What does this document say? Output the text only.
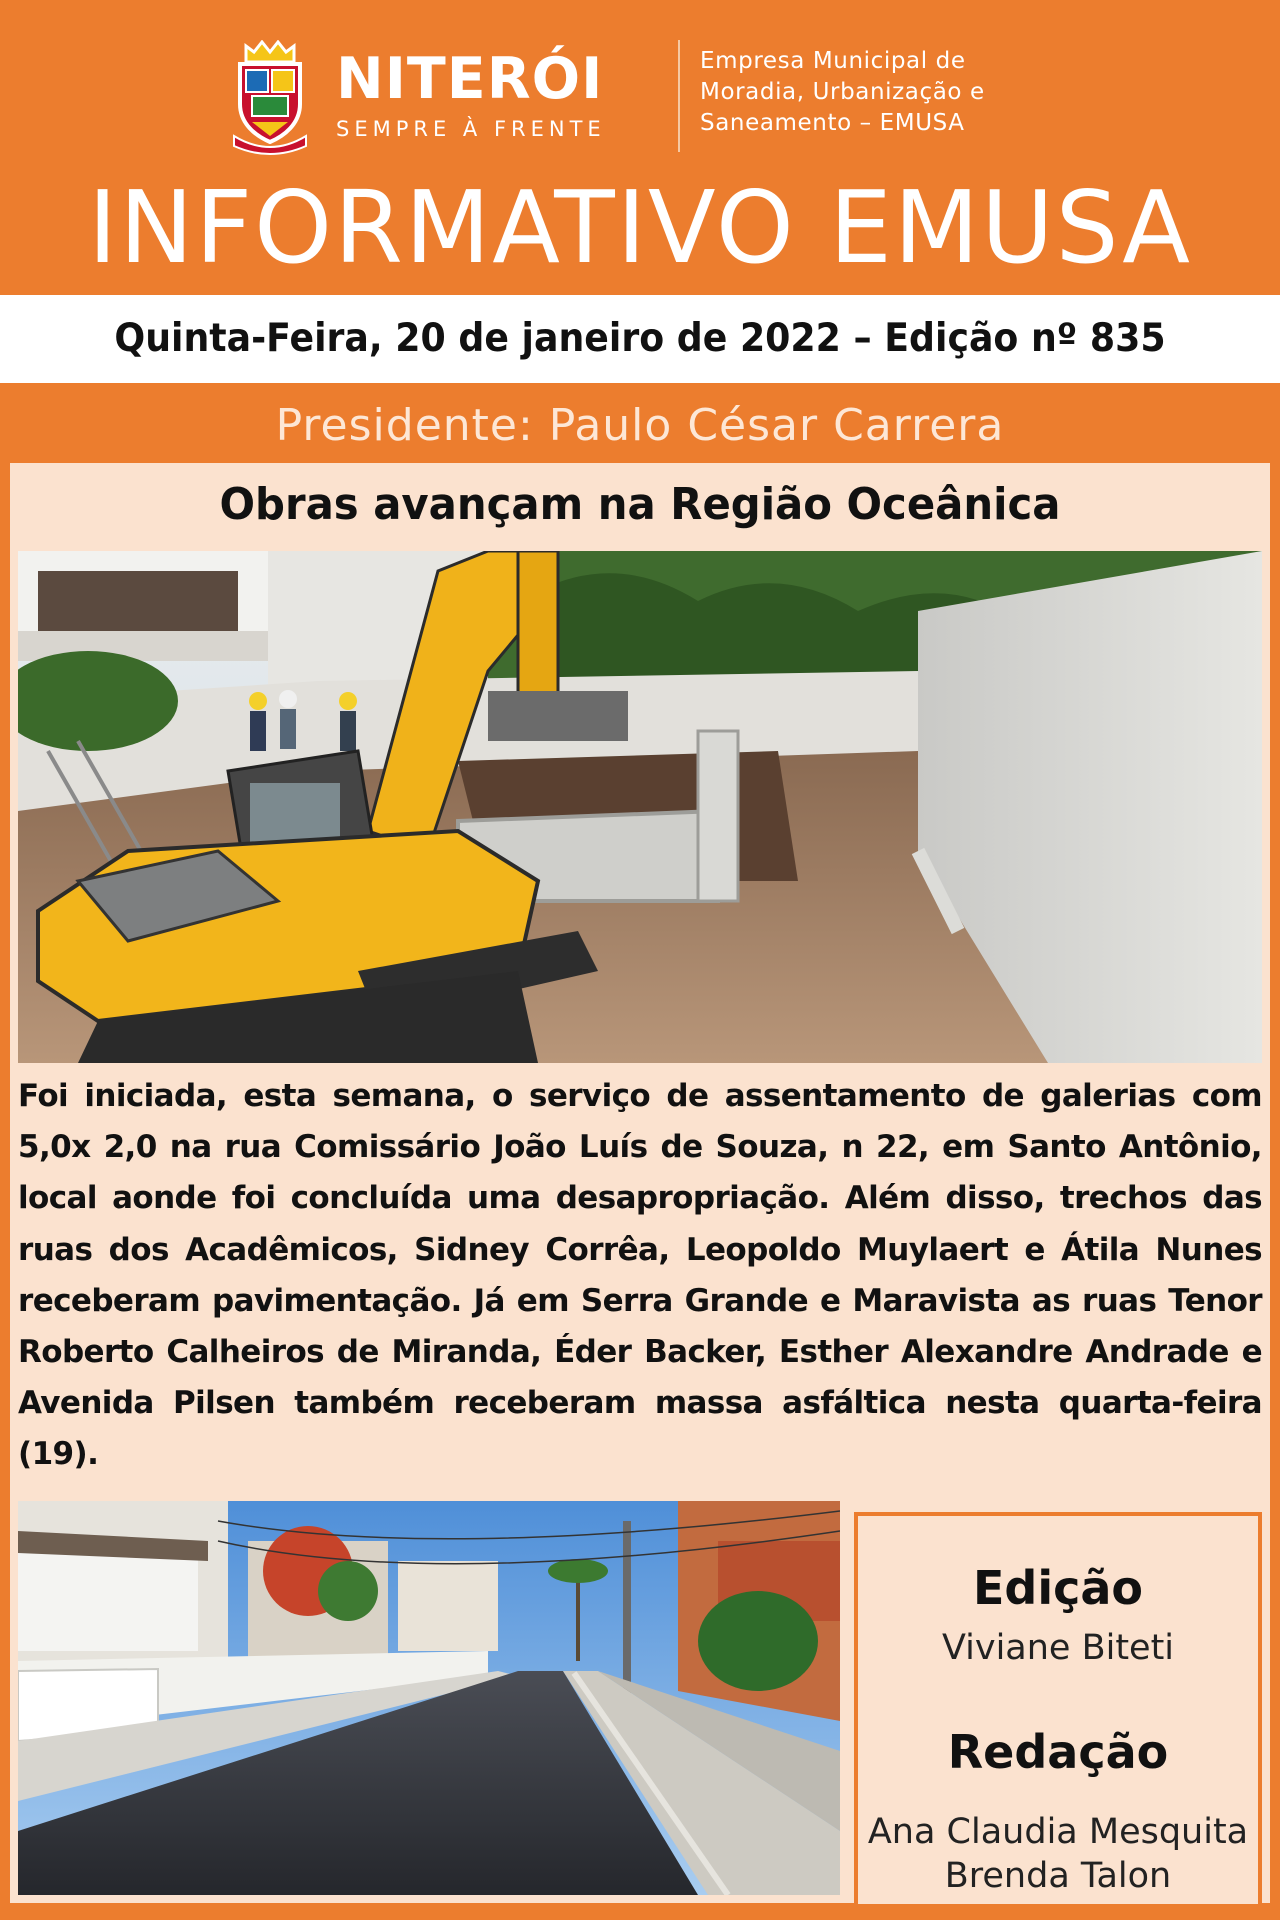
NITERÓI
SEMPRE À FRENTE
Empresa Municipal de
Moradia, Urbanização e
Saneamento – EMUSA
INFORMATIVO EMUSA
Quinta-Feira, 20 de janeiro de 2022 – Edição nº 835
Presidente: Paulo César Carrera
Obras avançam na Região Oceânica
Foi iniciada, esta semana, o serviço de assentamento de galerias com 5,0x 2,0 na rua Comissário João Luís de Souza, n 22, em Santo Antônio, local aonde foi concluída uma desapropriação. Além disso, trechos das ruas dos Acadêmicos, Sidney Corrêa, Leopoldo Muylaert e Átila Nunes receberam pavimentação. Já em Serra Grande e Maravista as ruas Tenor Roberto Calheiros de Miranda, Éder Backer, Esther Alexandre Andrade e Avenida Pilsen também receberam massa asfáltica nesta quarta-feira (19).
Edição
Viviane Biteti
Redação
Ana Claudia Mesquita
Brenda Talon
